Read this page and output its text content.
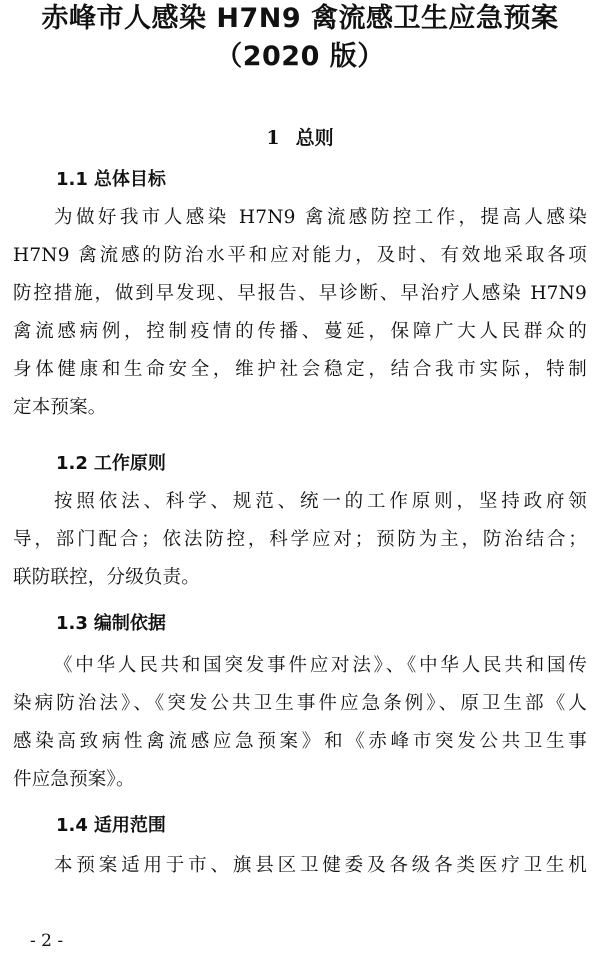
赤峰市人感染 H7N9 禽流感卫生应急预案
（2020 版）
1 总则
1.1 总体目标

为做好我市人感染 H7N9 禽流感防控工作，提高人感染
H7N9 禽流感的防治水平和应对能力，及时、有效地采取各项
防控措施，做到早发现、早报告、早诊断、早治疗人感染 H7N9
禽流感病例，控制疫情的传播、蔓延，保障广大人民群众的
身体健康和生命安全，维护社会稳定，结合我市实际，特制
定本预案。

1.2 工作原则

按照依法、科学、规范、统一的工作原则，坚持政府领
导，部门配合；依法防控，科学应对；预防为主，防治结合；
联防联控，分级负责。

1.3 编制依据

《中华人民共和国突发事件应对法》、《中华人民共和国传
染病防治法》、《突发公共卫生事件应急条例》、原卫生部《人
感染高致病性禽流感应急预案》和《赤峰市突发公共卫生事
件应急预案》。

1.4 适用范围

本预案适用于市、旗县区卫健委及各级各类医疗卫生机

- 2 -
